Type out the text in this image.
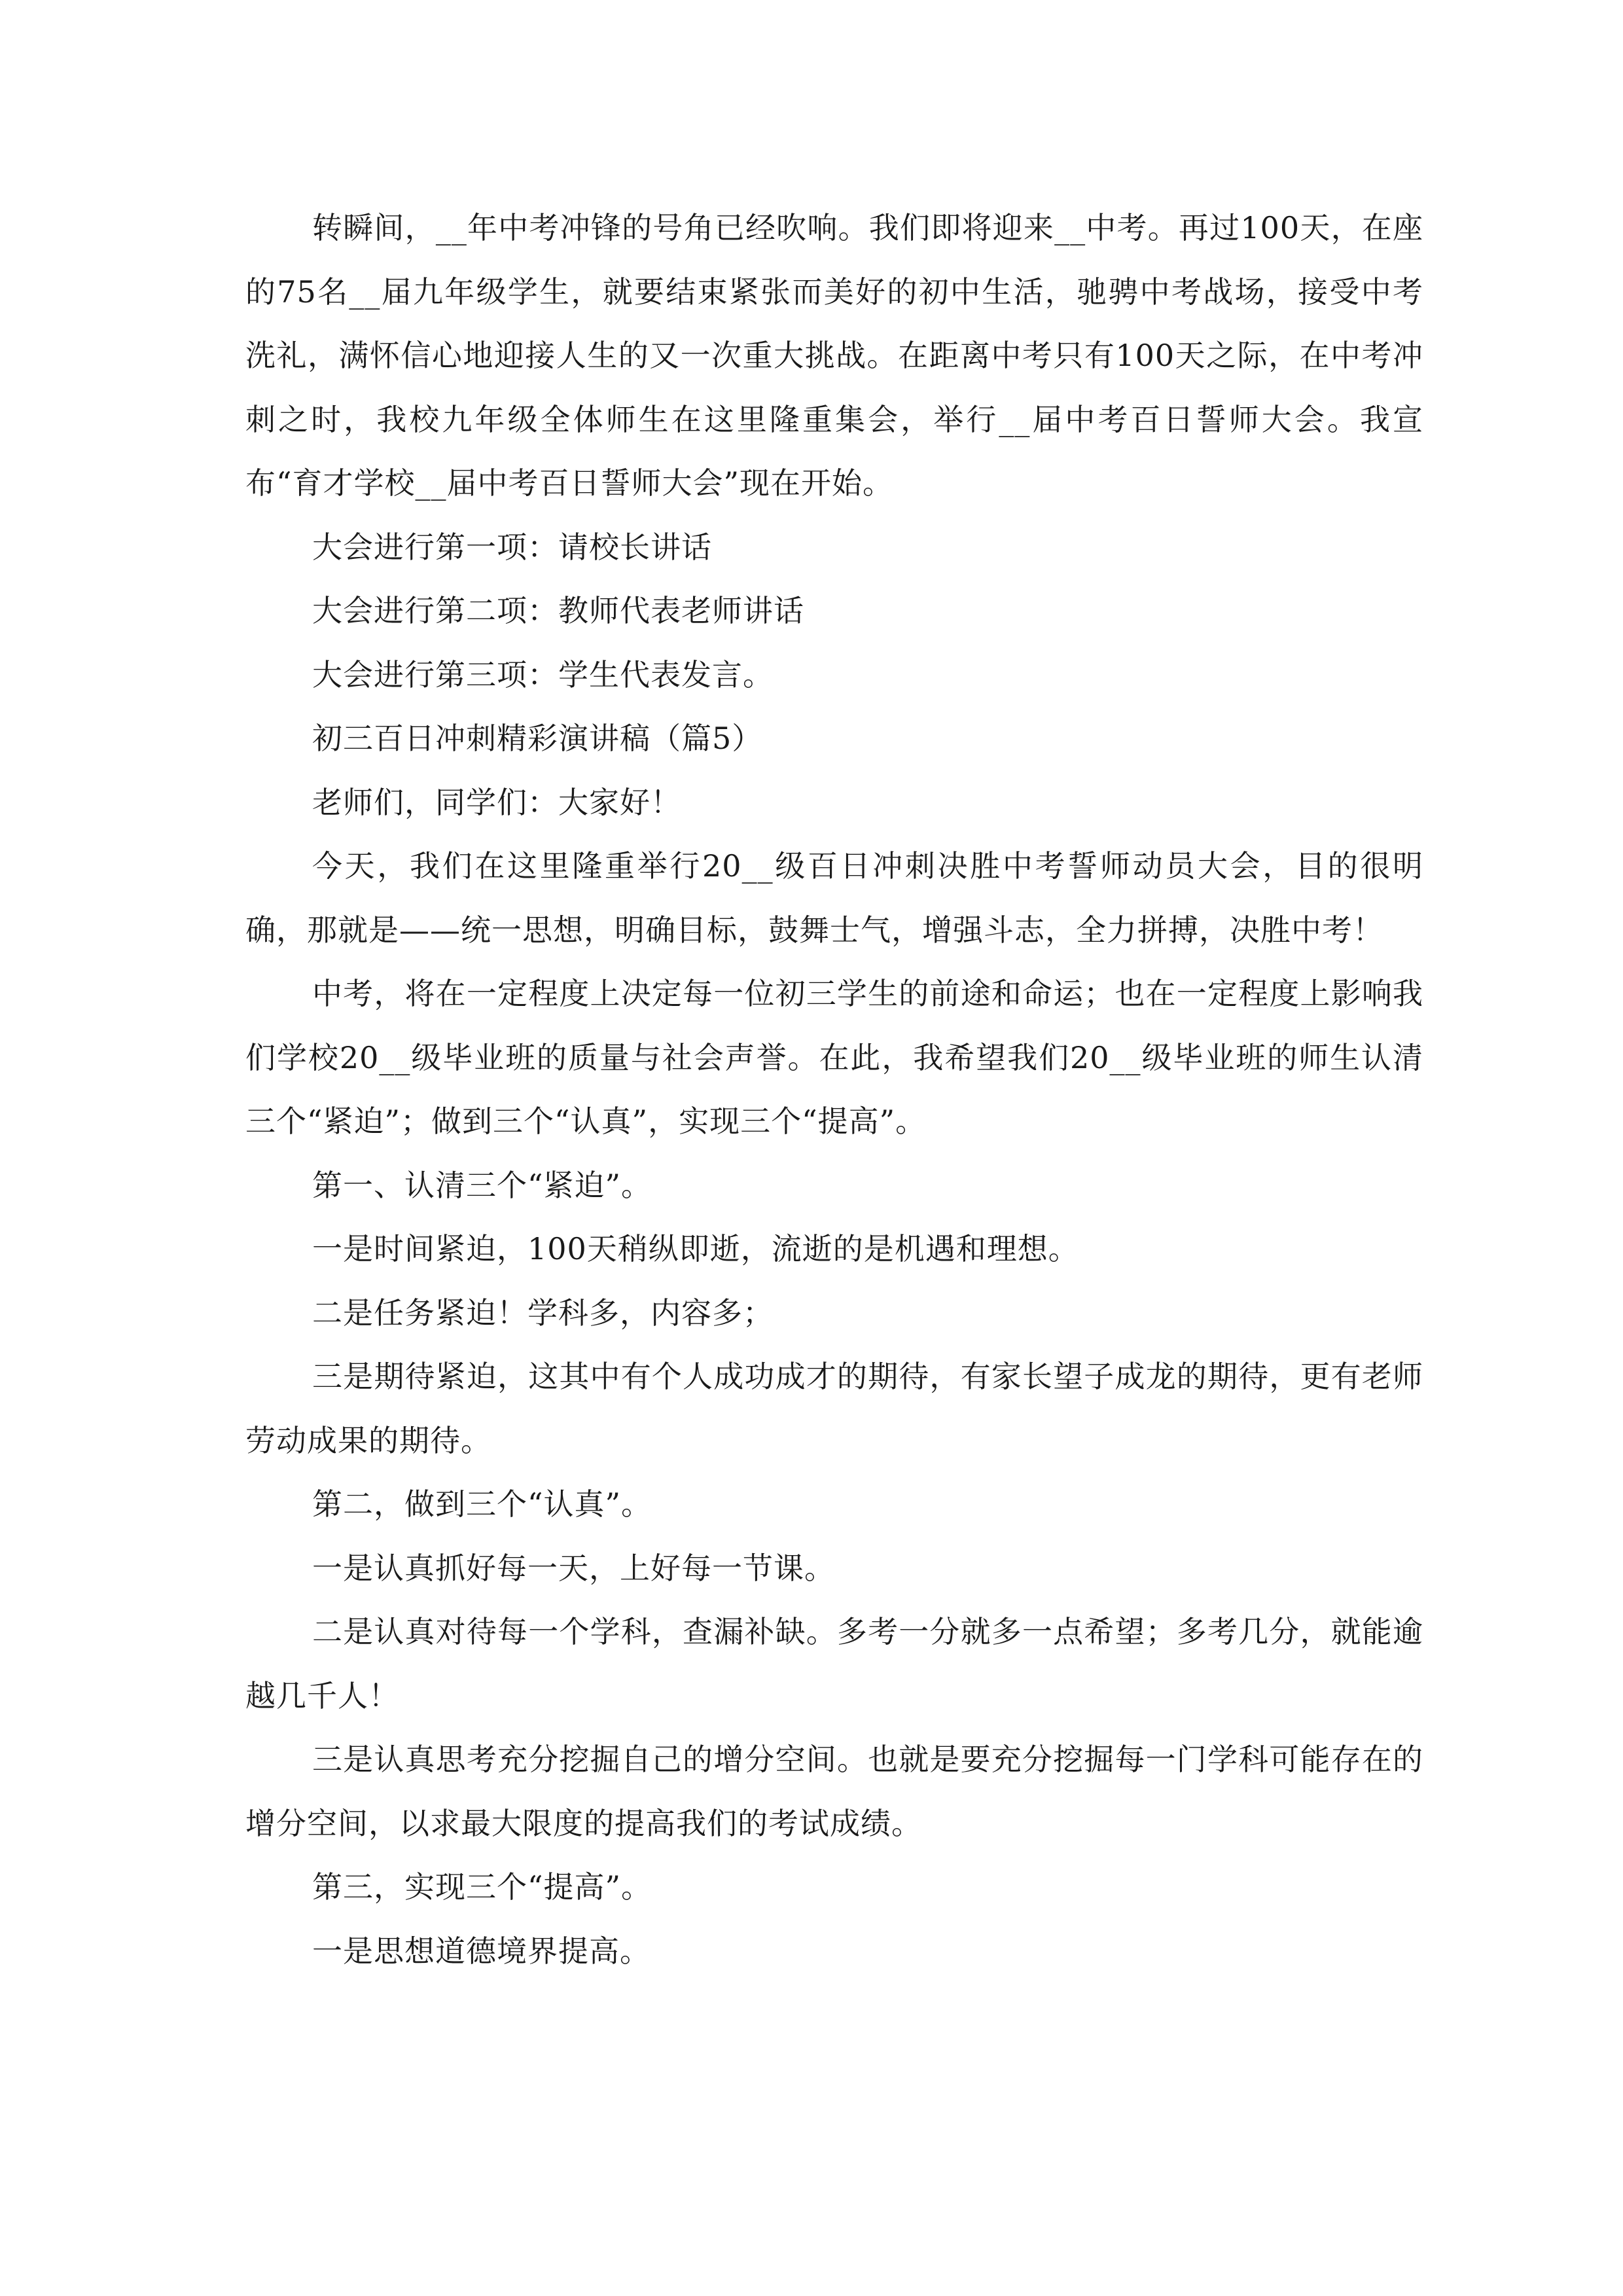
转瞬间，__年中考冲锋的号角已经吹响。我们即将迎来__中考。再过100天，在座的75名__届九年级学生，就要结束紧张而美好的初中生活，驰骋中考战场，接受中考洗礼，满怀信心地迎接人生的又一次重大挑战。在距离中考只有100天之际，在中考冲刺之时，我校九年级全体师生在这里隆重集会，举行__届中考百日誓师大会。我宣布“育才学校__届中考百日誓师大会”现在开始。

大会进行第一项：请校长讲话

大会进行第二项：教师代表老师讲话

大会进行第三项：学生代表发言。

初三百日冲刺精彩演讲稿（篇5）

老师们，同学们：大家好！

今天，我们在这里隆重举行20__级百日冲刺决胜中考誓师动员大会，目的很明确，那就是——统一思想，明确目标，鼓舞士气，增强斗志，全力拼搏，决胜中考！

中考，将在一定程度上决定每一位初三学生的前途和命运；也在一定程度上影响我们学校20__级毕业班的质量与社会声誉。在此，我希望我们20__级毕业班的师生认清三个“紧迫”；做到三个“认真”，实现三个“提高”。

第一、认清三个“紧迫”。

一是时间紧迫，100天稍纵即逝，流逝的是机遇和理想。

二是任务紧迫！学科多，内容多；

三是期待紧迫，这其中有个人成功成才的期待，有家长望子成龙的期待，更有老师劳动成果的期待。

第二，做到三个“认真”。

一是认真抓好每一天，上好每一节课。

二是认真对待每一个学科，查漏补缺。多考一分就多一点希望；多考几分，就能逾越几千人！

三是认真思考充分挖掘自己的增分空间。也就是要充分挖掘每一门学科可能存在的增分空间，以求最大限度的提高我们的考试成绩。

第三，实现三个“提高”。

一是思想道德境界提高。
